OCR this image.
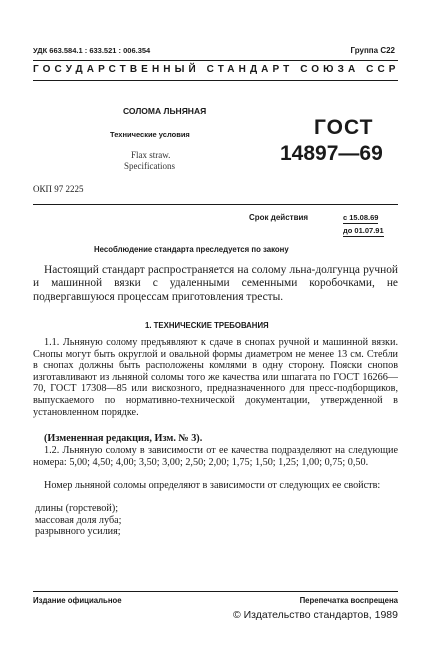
УДК 663.584.1 : 633.521 : 006.354	Группа С22
ГОСУДАРСТВЕННЫЙ СТАНДАРТ СОЮЗА ССР
СОЛОМА ЛЬНЯНАЯ
Технические условия
Flax straw.
Specifications
ГОСТ
14897—69
ОКП 97 2225
Срок действия	с 15.08.69
до 01.07.91
Несоблюдение стандарта преследуется по закону
Настоящий стандарт распространяется на солому льна-долгунца ручной и машинной вязки с удаленными семенными коробочками, не подвергавшуюся процессам приготовления тресты.
1. ТЕХНИЧЕСКИЕ ТРЕБОВАНИЯ
1.1. Льняную солому предъявляют к сдаче в снопах ручной и машинной вязки. Снопы могут быть округлой и овальной формы диаметром не менее 13 см. Стебли в снопах должны быть расположены комлями в одну сторону. Пояски снопов изготавливают из льняной соломы того же качества или шпагата по ГОСТ 16266—70, ГОСТ 17308—85 или вискозного, предназначенного для пресс-подборщиков, выпускаемого по нормативно-технической документации, утвержденной в установленном порядке.
(Измененная редакция, Изм. № 3).
1.2. Льняную солому в зависимости от ее качества подразделяют на следующие номера: 5,00; 4,50; 4,00; 3,50; 3,00; 2,50; 2,00; 1,75; 1,50; 1,25; 1,00; 0,75; 0,50.
Номер льняной соломы определяют в зависимости от следующих ее свойств:
длины (горстевой);
массовая доля луба;
разрывного усилия;
Издание официальное	Перепечатка воспрещена
© Издательство стандартов, 1989
